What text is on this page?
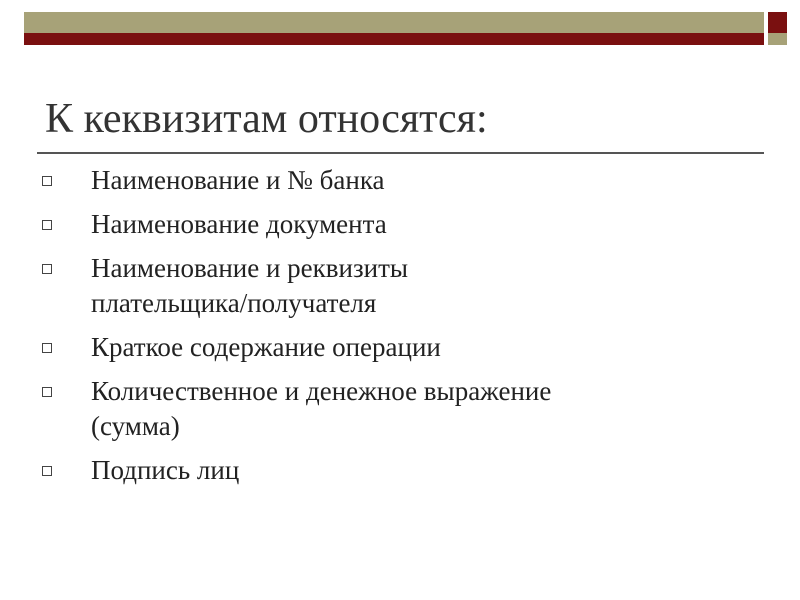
К кеквизитам относятся:
Наименование и № банка
Наименование документа
Наименование и реквизиты
плательщика/получателя
Краткое содержание операции
Количественное и денежное выражение
(сумма)
Подпись лиц
